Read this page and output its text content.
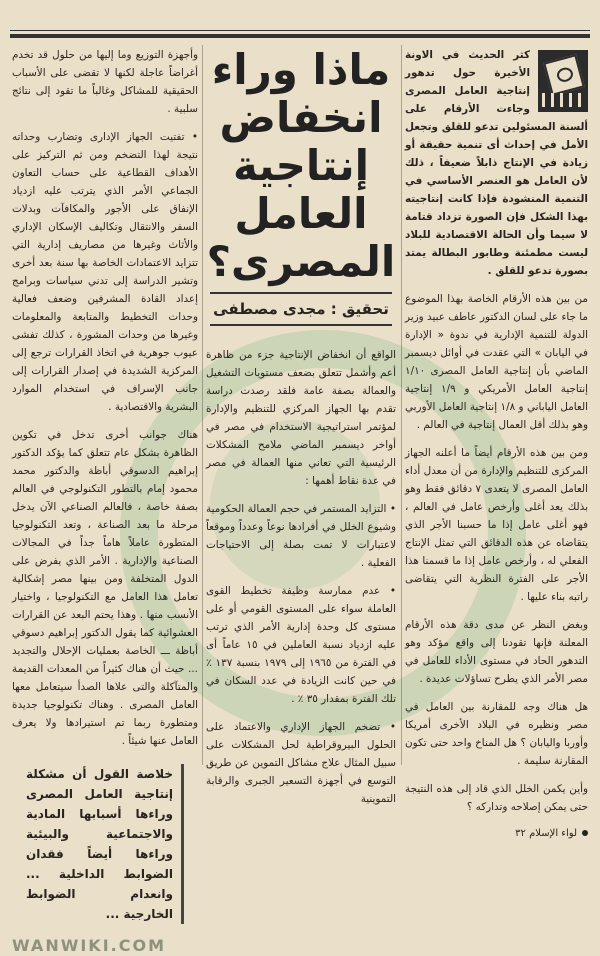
كثر الحديث في الاونة الأخيرة حول تدهور إنتاجية العامل المصرى وجاءت الأرقام على ألسنة المسئولين تدعو للقلق وتجعل الأمل في إحداث أى تنمية حقيقة أو زيادة في الإنتاج ذابلاً ضعيفاً ، ذلك لأن العامل هو العنصر الأساسي في التنمية المنشودة فإذا كانت إنتاجيته بهذا الشكل فإن الصورة تزداد قتامة لا سيما وأن الحالة الاقتصادية للبلاد ليست مطمئنة وطابور البطالة يمتد بصورة تدعو للقلق .

من بين هذه الأرقام الخاصة بهذا الموضوع ما جاء على لسان الدكتور عاطف عبيد وزير الدولة للتنمية الإدارية في ندوة « الإدارة في اليابان » التي عقدت في أوائل ديسمبر الماضي بأن إنتاجية العامل المصرى ١/١٠ إنتاجية العامل الأمريكي و ١/٩ إنتاجية العامل الياباني و ١/٨ إنتاجية العامل الأوربي وهو بذلك أقل العمال إنتاجية في العالم .

ومن بين هذه الأرقام أيضاً ما أعلنه الجهاز المركزى للتنظيم والإدارة من أن معدل أداء العامل المصرى لا يتعدى ٧ دقائق فقط وهو بذلك يعد أغلى وأرخص عامل في العالم ، فهو أغلى عامل إذا ما حسبنا الأجر الذي يتقاضاه عن هذه الدقائق التي تمثل الإنتاج الفعلي له ، وأرخص عامل إذا ما قسمنا هذا الأجر على الفترة النظرية التي يتقاضى راتبه بناء عليها .

وبغض النظر عن مدى دقة هذه الأرقام المعلنة فإنها تقودنا إلى واقع مؤكد وهو التدهور الحاد في مستوى الأداء للعامل في مصر الأمر الذي يطرح تساؤلات عديدة .

هل هناك وجه للمقارنة بين العامل في مصر ونظيره في البلاد الأخرى أمريكا وأوربا واليابان ؟ هل المناخ واحد حتى تكون المقارنة سليمة .

وأين يكمن الخلل الذي قاد إلى هذه النتيجة حتى يمكن إصلاحه وتداركه ؟

لواء الإسلام ٣٢
ماذا وراء
انخفاض
إنتاجية
العامل
المصرى؟
تحقيق : مجدى مصطفى

الواقع أن انخفاض الإنتاجية جزء من ظاهرة أعم وأشمل تتعلق بضعف مستويات التشغيل والعمالة بصفة عامة فلقد رصدت دراسة تقدم بها الجهاز المركزي للتنظيم والإدارة لمؤتمر استراتيجية الاستخدام في مصر في أواخر ديسمبر الماضي ملامح المشكلات الرئيسية التي تعاني منها العمالة في مصر في عدة نقاط أهمها :

• التزايد المستمر في حجم العمالة الحكومية وشيوع الخلل في أفرادها نوعاً وعدداً وموقعاً لاعتبارات لا تمت بصلة إلى الاحتياجات الفعلية .

• عدم ممارسة وظيفة تخطيط القوى العاملة سواء على المستوى القومي أو على مستوى كل وحدة إدارية الأمر الذي ترتب عليه ازدياد نسبة العاملين في ١٥ عاماً أى في الفترة من ١٩٦٥ إلى ١٩٧٩ بنسبة ١٣٧ ٪ في حين كانت الزيادة في عدد السكان في تلك الفترة بمقدار ٣٥ ٪ .

• تضخم الجهاز الإداري والاعتماد على الحلول البيروقراطية لحل المشكلات على سبيل المثال علاج مشاكل التموين عن طريق التوسع في أجهزة التسعير الجبرى والرقابة التموينية

وأجهزة التوزيع وما إليها من حلول قد تخدم أغراضاً عاجلة لكنها لا تقضى على الأسباب الحقيقية للمشاكل وغالباً ما تقود إلى نتائج سلبية .

• تفتيت الجهاز الإدارى وتضارب وحداته نتيجة لهذا التضخم ومن ثم التركيز على الأهداف القطاعية على حساب التعاون الجماعي الأمر الذي يترتب عليه ازدياد الإنفاق على الأجور والمكافآت وبدلات السفر والانتقال وتكاليف الإسكان الإداري والأثاث وغيرها من مصاريف إدارية التي تتزايد الاعتمادات الخاصة بها سنة بعد أخرى وتشير الدراسة إلى تدني سياسات وبرامج إعداد القادة المشرفين وضعف فعالية وحدات التخطيط والمتابعة والمعلومات وغيرها من وحدات المشورة ، كذلك تفشى عيوب جوهرية في اتخاذ القرارات ترجع إلى المركزية الشديدة في إصدار القرارات إلى جانب الإسراف في استخدام الموارد البشرية والاقتصادية .

هناك جوانب أخرى تدخل في تكوين الظاهرة بشكل عام تتعلق كما يؤكد الدكتور إبراهيم الدسوقي أباظة والدكتور محمد محمود إمام بالتطور التكنولوجي في العالم بصفة خاصة ، فالعالم الصناعي الآن يدخل مرحلة ما بعد الصناعة ، وتعد التكنولوجيا المتطورة عاملاً هاماً جداً في المجالات الصناعية والإدارية . الأمر الذي يفرض على الدول المتخلفة ومن بينها مصر إشكالية تعامل هذا العامل مع التكنولوجيا ، واختيار الأنسب منها . وهذا يحتم البعد عن القرارات العشوائية كما يقول الدكتور إبراهيم دسوقي أباظة ـــ الخاصة بعمليات الإحلال والتجديد ... حيث أن هناك كثيراً من المعدات القديمة والمتآكلة والتى علاها الصدأ سيتعامل معها العامل المصرى . وهناك تكنولوجيا جديدة ومتطورة ربما تم استيرادها ولا يعرف العامل عنها شيئاً .

خلاصة القول أن مشكلة إنتاجية العامل المصرى وراءها أسبابها المادية والاجتماعية والبيئية وراءها أيضاً فقدان الضوابط الداخلية ... وانعدام الضوابط الخارجية ...
WANWIKI.COM
